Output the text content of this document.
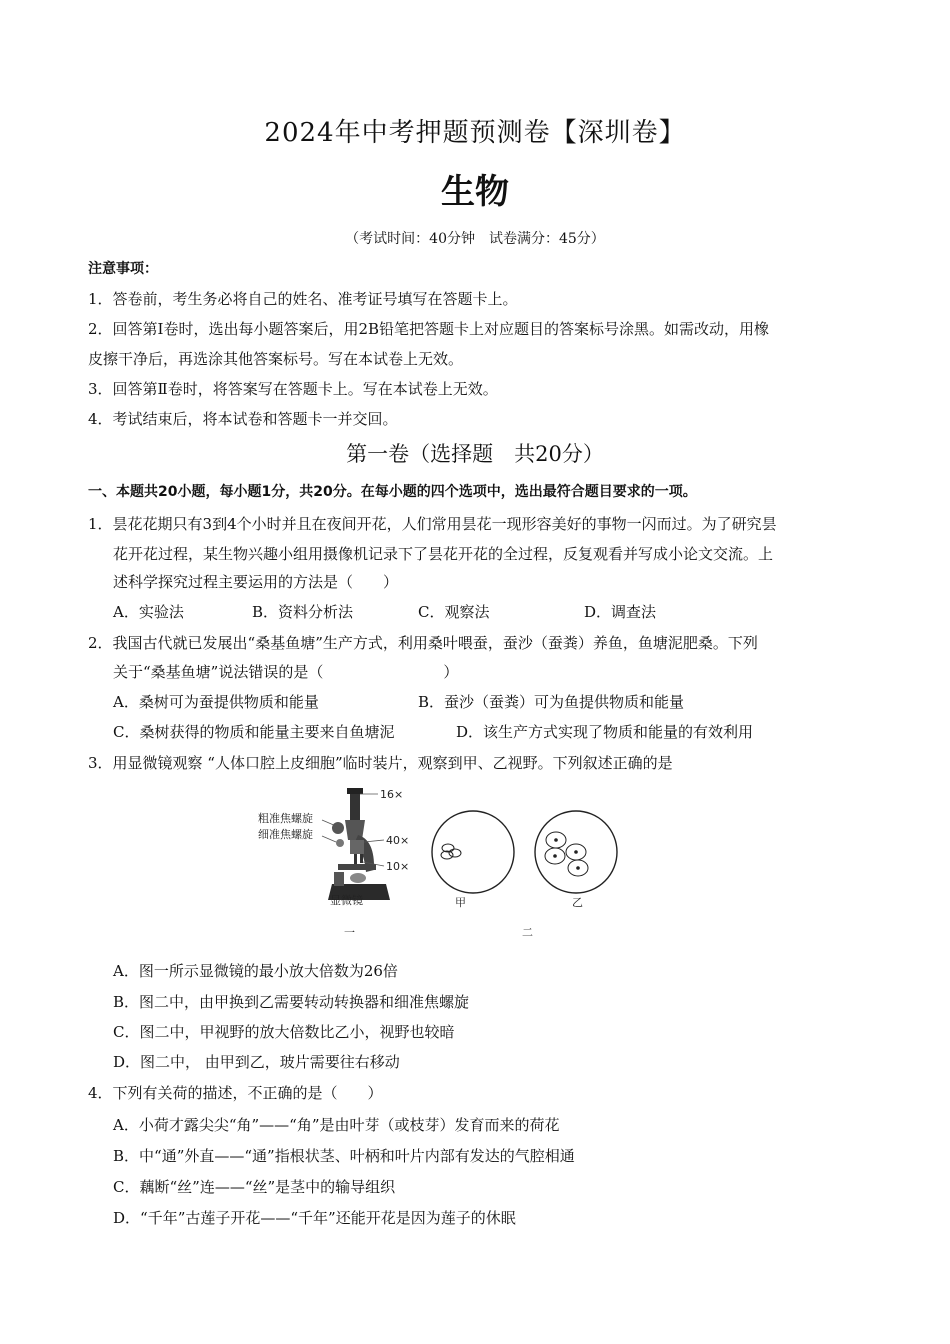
2024年中考押题预测卷【深圳卷】
生物
（考试时间：40分钟　试卷满分：45分）
注意事项：
1．答卷前，考生务必将自己的姓名、准考证号填写在答题卡上。
2．回答第Ⅰ卷时，选出每小题答案后，用2B铅笔把答题卡上对应题目的答案标号涂黑。如需改动，用橡
皮擦干净后，再选涂其他答案标号。写在本试卷上无效。
3．回答第Ⅱ卷时，将答案写在答题卡上。写在本试卷上无效。
4．考试结束后，将本试卷和答题卡一并交回。
第一卷（选择题　共20分）
一、本题共20小题，每小题1分，共20分。在每小题的四个选项中，选出最符合题目要求的一项。
1．昙花花期只有3到4个小时并且在夜间开花，人们常用昙花一现形容美好的事物一闪而过。为了研究昙
花开花过程，某生物兴趣小组用摄像机记录下了昙花开花的全过程，反复观看并写成小论文交流。上
述科学探究过程主要运用的方法是（　　）
A．实验法	B．资料分析法	C．观察法	D．调查法
2．我国古代就已发展出“桑基鱼塘”生产方式，利用桑叶喂蚕，蚕沙（蚕粪）养鱼，鱼塘泥肥桑。下列
关于“桑基鱼塘”说法错误的是（　　　　　　　　）
A．桑树可为蚕提供物质和能量	B．蚕沙（蚕粪）可为鱼提供物质和能量
C．桑树获得的物质和能量主要来自鱼塘泥	D．该生产方式实现了物质和能量的有效利用
3．用显微镜观察 “人体口腔上皮细胞”临时装片，观察到甲、乙视野。下列叙述正确的是
16×
粗准焦螺旋
细准焦螺旋	40×
10×
显微镜	甲	乙
一	二
A．图一所示显微镜的最小放大倍数为26倍
B．图二中，由甲换到乙需要转动转换器和细准焦螺旋
C．图二中，甲视野的放大倍数比乙小，视野也较暗
D．图二中， 由甲到乙，玻片需要往右移动
4．下列有关荷的描述，不正确的是（　　）
A．小荷才露尖尖“角”——“角”是由叶芽（或枝芽）发育而来的荷花
B．中“通”外直——“通”指根状茎、叶柄和叶片内部有发达的气腔相通
C．藕断“丝”连——“丝”是茎中的输导组织
D．“千年”古莲子开花——“千年”还能开花是因为莲子的休眠
